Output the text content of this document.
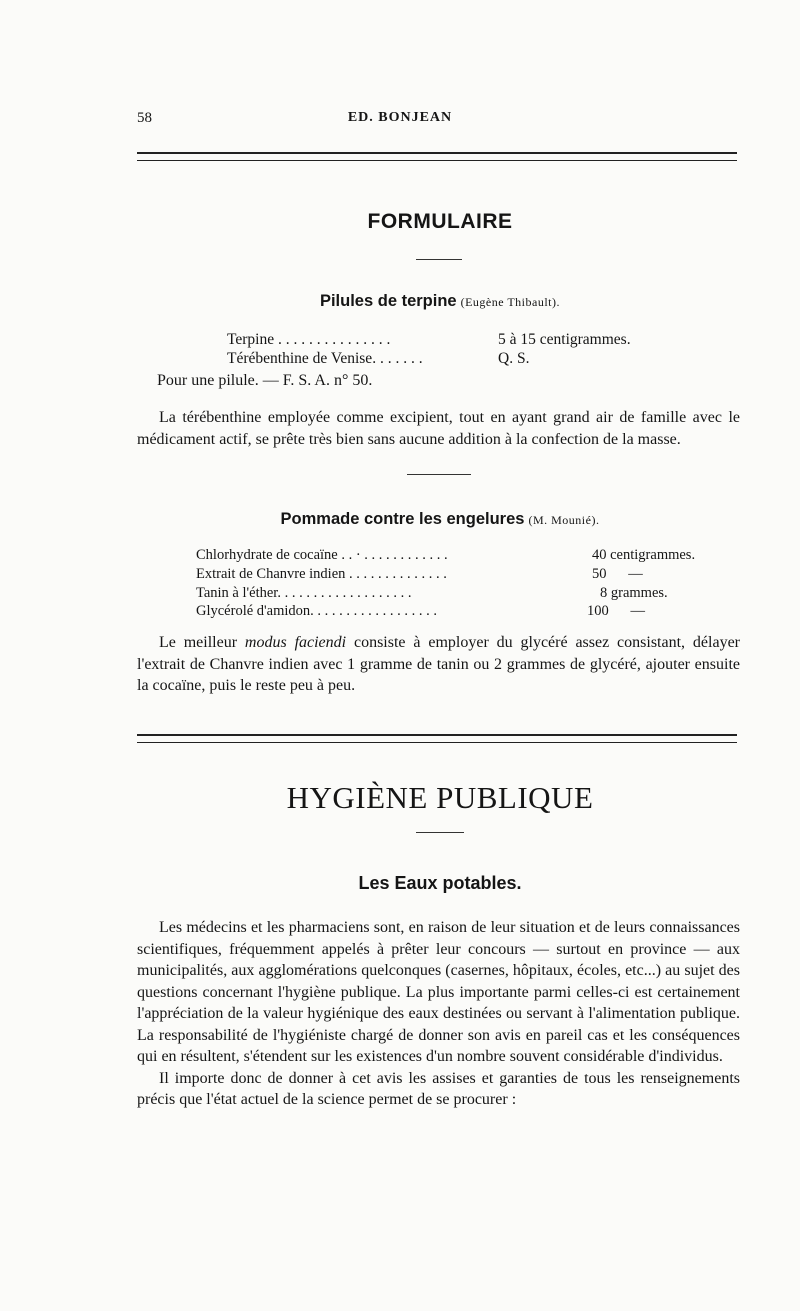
58	ED. BONJEAN
FORMULAIRE
Pilules de terpine (Eugène Thibault).
Terpine . . . . . . . . . . . . . . .	5 à 15 centigrammes.
Térébenthine de Venise. . . . . . .	Q. S.
Pour une pilule. — F. S. A. n° 50.

La térébenthine employée comme excipient, tout en ayant grand air de famille avec le médicament actif, se prête très bien sans aucune addition à la confection de la masse.

Pommade contre les engelures (M. Mounié).
Chlorhydrate de cocaïne . . · . . . . . . . . . . . .	40 centigrammes.
Extrait de Chanvre indien . . . . . . . . . . . . . .	50      —
Tanin à l'éther. . . . . . . . . . . . . . . . . . .	8 grammes.
Glycérolé d'amidon. . . . . . . . . . . . . . . . . .	100      —

Le meilleur modus faciendi consiste à employer du glycéré assez consistant, délayer l'extrait de Chanvre indien avec 1 gramme de tanin ou 2 grammes de glycéré, ajouter ensuite la cocaïne, puis le reste peu à peu.

HYGIÈNE PUBLIQUE
Les Eaux potables.

Les médecins et les pharmaciens sont, en raison de leur situation et de leurs connaissances scientifiques, fréquemment appelés à prêter leur concours — surtout en province — aux municipalités, aux agglomérations quelconques (casernes, hôpitaux, écoles, etc...) au sujet des questions concernant l'hygiène publique. La plus importante parmi celles-ci est certainement l'appréciation de la valeur hygiénique des eaux destinées ou servant à l'alimentation publique. La responsabilité de l'hygiéniste chargé de donner son avis en pareil cas et les conséquences qui en résultent, s'étendent sur les existences d'un nombre souvent considérable d'individus.

Il importe donc de donner à cet avis les assises et garanties de tous les renseignements précis que l'état actuel de la science permet de se procurer :
